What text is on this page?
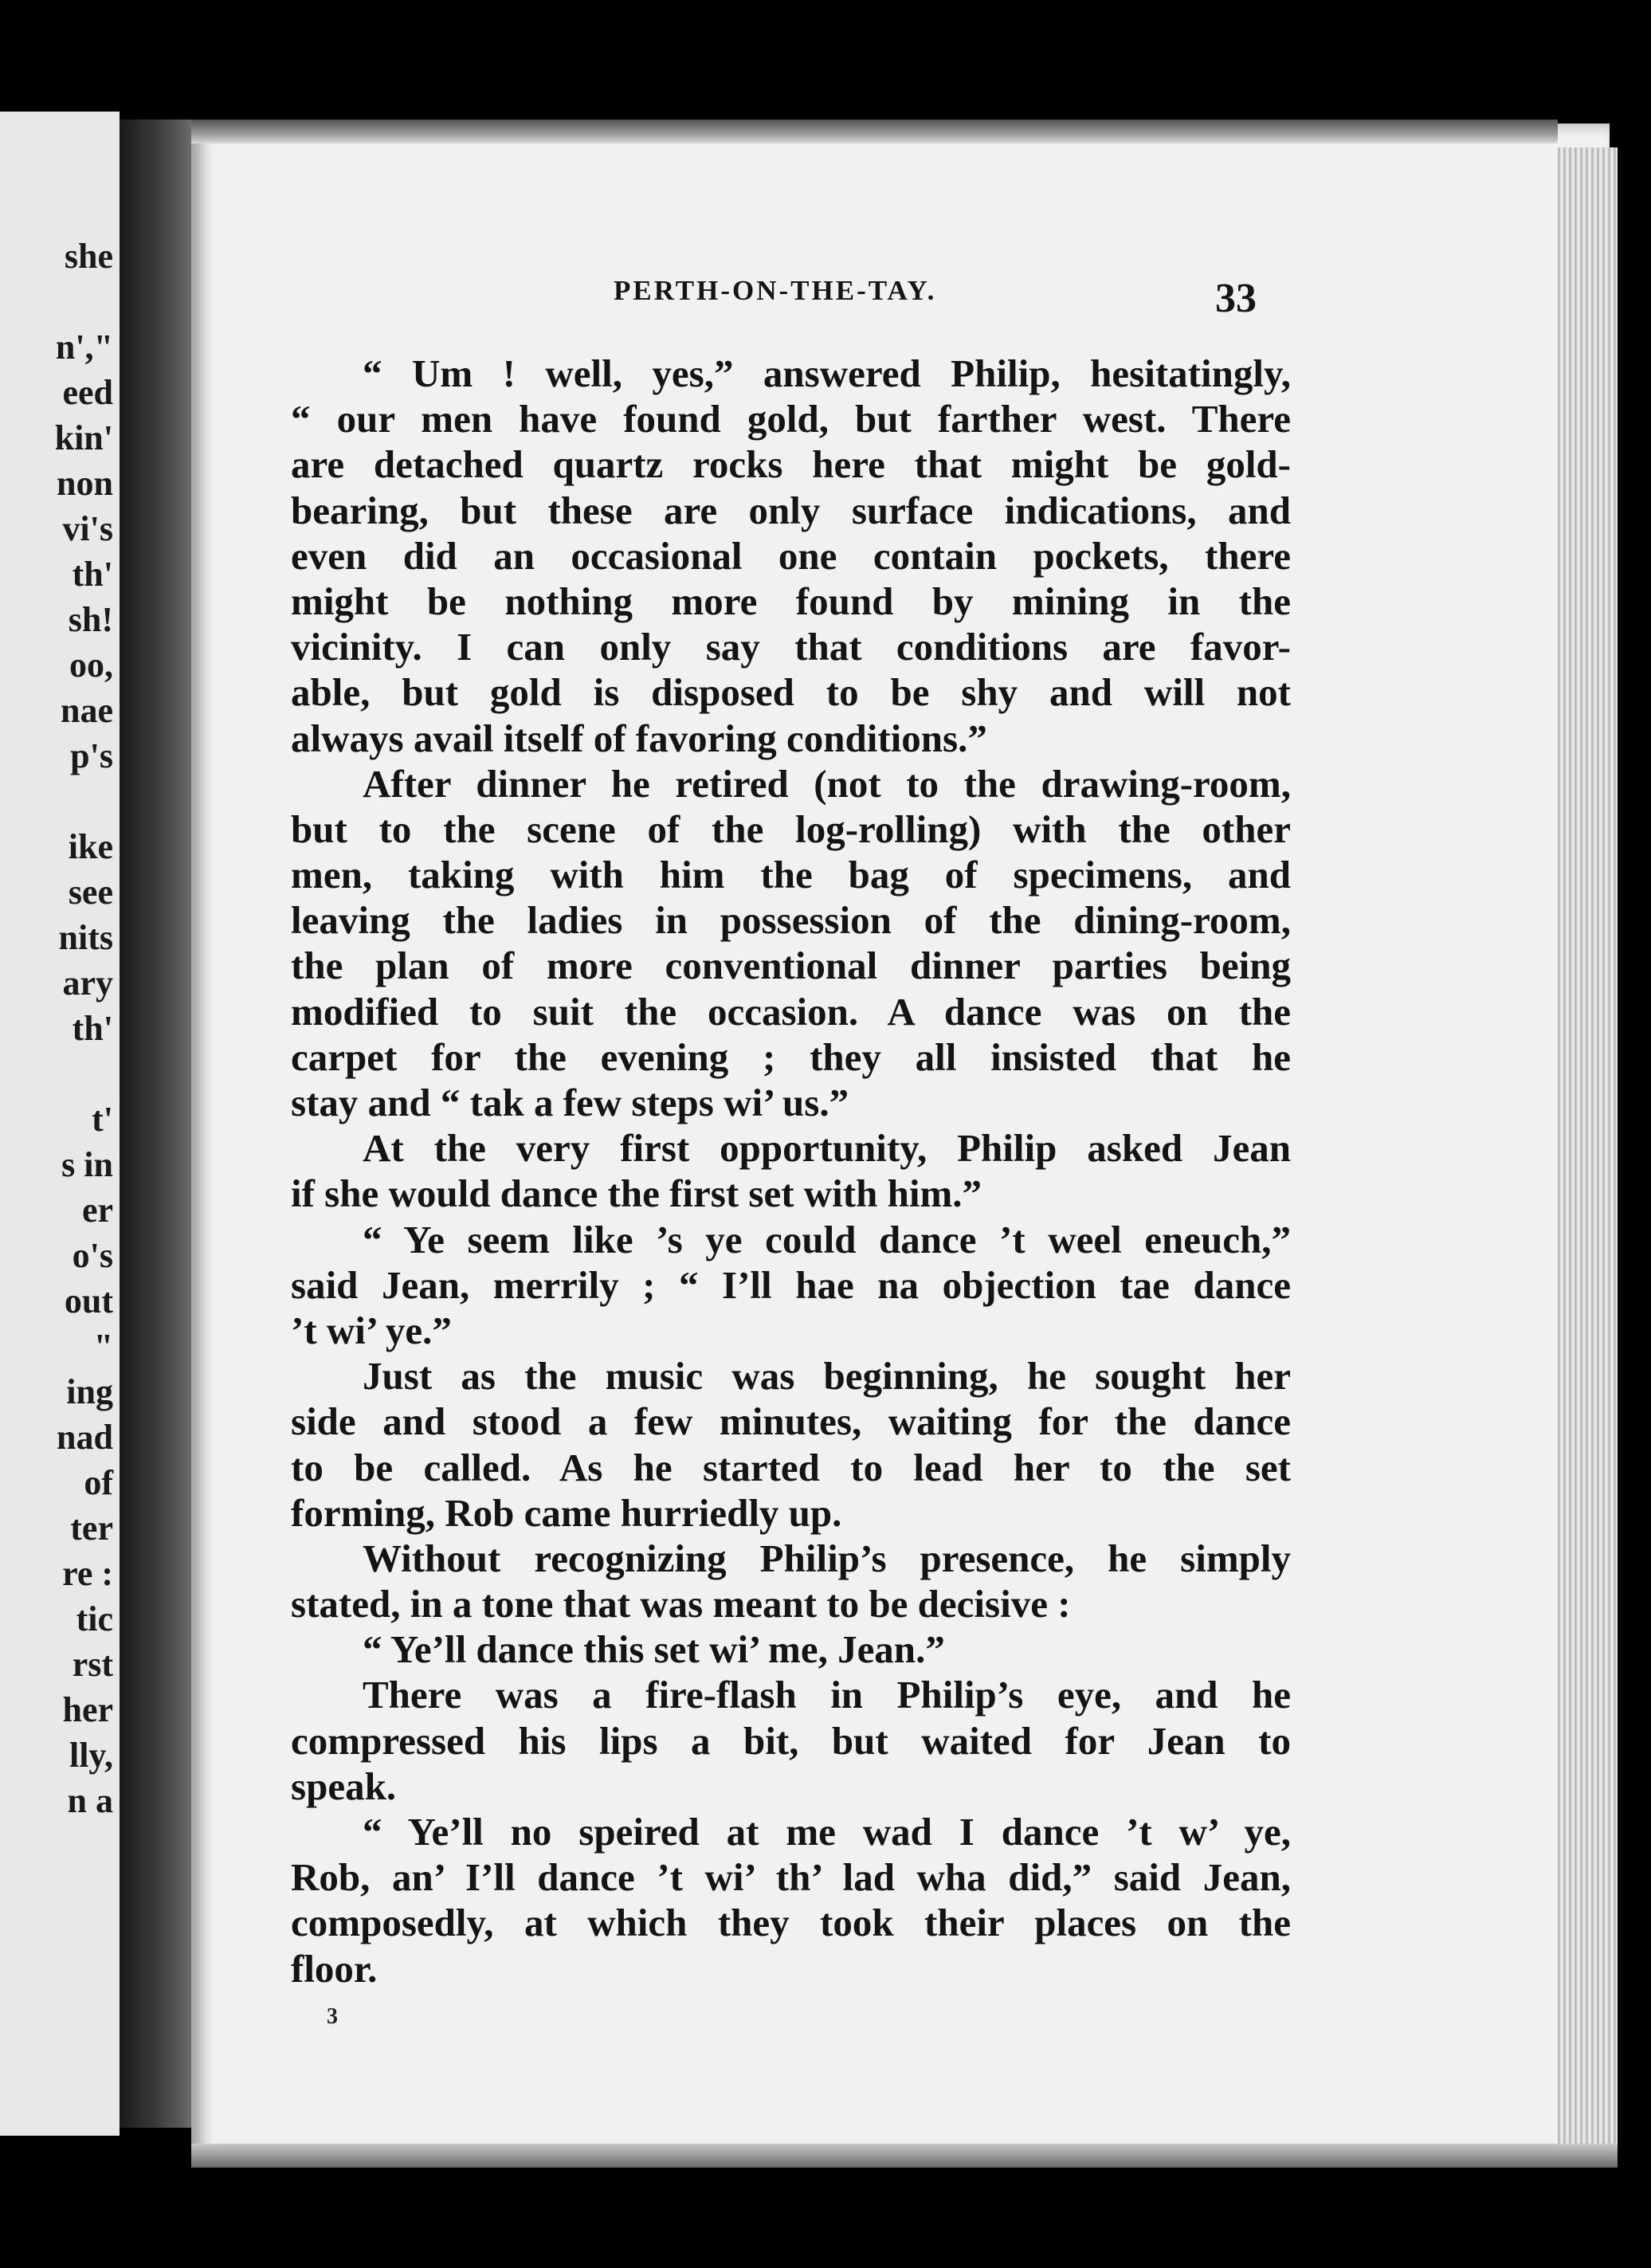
she
n',"
eed
kin'
non
vi's
th'
sh!
oo,
nae
p's
ike
see
nits
ary
th'
t'
s in
er
o's
out
"
ing
nad
of
ter
re :
tic
rst
her
lly,
n a
PERTH-ON-THE-TAY.	33
“ Um ! well, yes,” answered Philip, hesitatingly,
“ our men have found gold, but farther west. There
are detached quartz rocks here that might be gold-
bearing, but these are only surface indications, and
even did an occasional one contain pockets, there
might be nothing more found by mining in the
vicinity. I can only say that conditions are favor-
able, but gold is disposed to be shy and will not
always avail itself of favoring conditions.”
After dinner he retired (not to the drawing-room,
but to the scene of the log-rolling) with the other
men, taking with him the bag of specimens, and
leaving the ladies in possession of the dining-room,
the plan of more conventional dinner parties being
modified to suit the occasion. A dance was on the
carpet for the evening ; they all insisted that he
stay and “ tak a few steps wi’ us.”
At the very first opportunity, Philip asked Jean
if she would dance the first set with him.”
“ Ye seem like ’s ye could dance ’t weel eneuch,”
said Jean, merrily ; “ I’ll hae na objection tae dance
’t wi’ ye.”
Just as the music was beginning, he sought her
side and stood a few minutes, waiting for the dance
to be called. As he started to lead her to the set
forming, Rob came hurriedly up.
Without recognizing Philip’s presence, he simply
stated, in a tone that was meant to be decisive :
“ Ye’ll dance this set wi’ me, Jean.”
There was a fire-flash in Philip’s eye, and he
compressed his lips a bit, but waited for Jean to
speak.
“ Ye’ll no speired at me wad I dance ’t w’ ye,
Rob, an’ I’ll dance ’t wi’ th’ lad wha did,” said Jean,
composedly, at which they took their places on the
floor.
3
